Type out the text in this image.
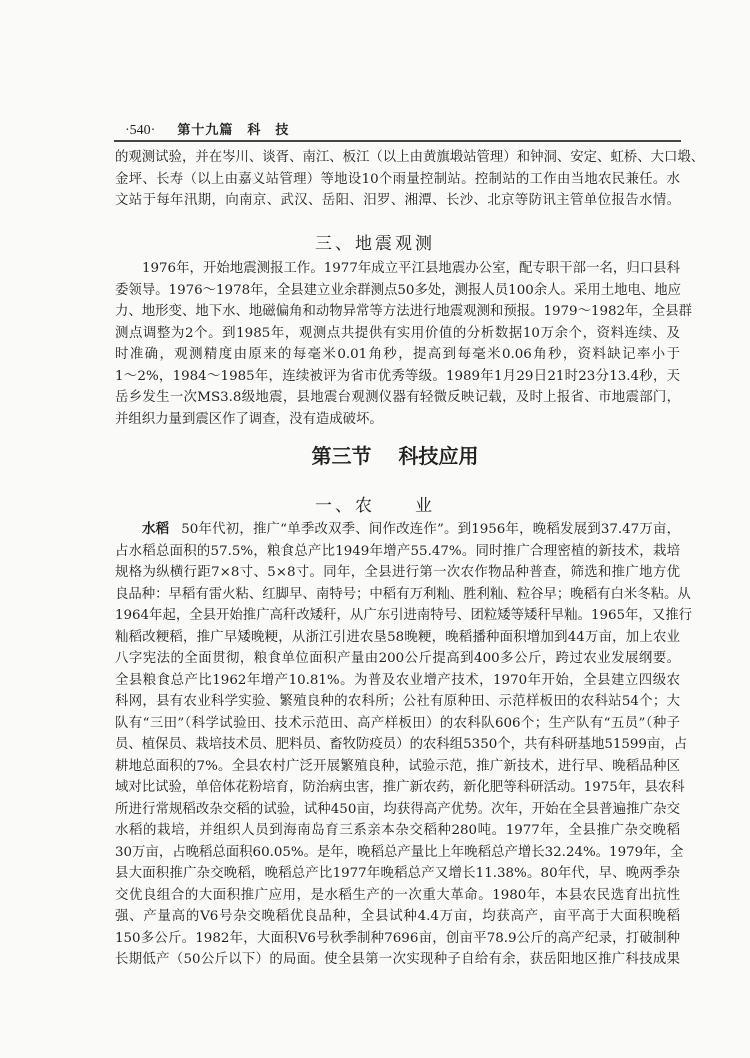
·540· 第十九篇　科　技
的观测试验，并在岑川、谈胥、南江、板江（以上由黄旗塅站管理）和钟洞、安定、虹桥、大口塅、
金坪、长寿（以上由嘉义站管理）等地设10个雨量控制站。控制站的工作由当地农民兼任。水
文站于每年汛期，向南京、武汉、岳阳、汨罗、湘潭、长沙、北京等防讯主管单位报告水情。
三、地震观测
1976年，开始地震测报工作。1977年成立平江县地震办公室，配专职干部一名，归口县科
委领导。1976～1978年，全县建立业余群测点50多处，测报人员100余人。采用土地电、地应
力、地形变、地下水、地磁偏角和动物异常等方法进行地震观测和预报。1979～1982年，全县群
测点调整为2个。到1985年，观测点共提供有实用价值的分析数据10万余个，资料连续、及
时准确，观测精度由原来的每毫米0.01角秒，提高到每毫米0.06角秒，资料缺记率小于
1～2%，1984～1985年，连续被评为省市优秀等级。1989年1月29日21时23分13.4秒，天
岳乡发生一次MS3.8级地震，县地震台观测仪器有轻微反映记载，及时上报省、市地震部门，
并组织力量到震区作了调查，没有造成破坏。
第三节　 科技应用
一、农　　业
水稻 50年代初，推广“单季改双季、间作改连作”。到1956年，晚稻发展到37.47万亩，
占水稻总面积的57.5%，粮食总产比1949年增产55.47%。同时推广合理密植的新技术，栽培
规格为纵横行距7×8寸、5×8寸。同年，全县进行第一次农作物品种普查，筛选和推广地方优
良品种：早稻有雷火粘、红脚早、南特号；中稻有万利籼、胜利籼、粒谷早；晚稻有白米冬粘。从
1964年起，全县开始推广高秆改矮秆，从广东引进南特号、团粒矮等矮秆早籼。1965年，又推行
籼稻改粳稻，推广早矮晚粳，从浙江引进农垦58晚粳，晚稻播种面积增加到44万亩，加上农业
八字宪法的全面贯彻，粮食单位面积产量由200公斤提高到400多公斤，跨过农业发展纲要。
全县粮食总产比1962年增产10.81%。为普及农业增产技术，1970年开始，全县建立四级农
科网，县有农业科学实验、繁殖良种的农科所；公社有原种田、示范样板田的农科站54个；大
队有“三田”（科学试验田、技术示范田、高产样板田）的农科队606个；生产队有“五员”（种子
员、植保员、栽培技术员、肥料员、畜牧防疫员）的农科组5350个，共有科研基地51599亩，占
耕地总面积的7%。全县农村广泛开展繁殖良种，试验示范，推广新技术，进行早、晚稻品种区
域对比试验，单倍体花粉培育，防治病虫害，推广新农药，新化肥等科研活动。1975年，县农科
所进行常规稻改杂交稻的试验，试种450亩，均获得高产优势。次年，开始在全县普遍推广杂交
水稻的栽培，并组织人员到海南岛育三系亲本杂交稻种280吨。1977年，全县推广杂交晚稻
30万亩，占晚稻总面积60.05%。是年，晚稻总产量比上年晚稻总产增长32.24%。1979年，全
县大面积推广杂交晚稻，晚稻总产比1977年晚稻总产又增长11.38%。80年代，早、晚两季杂
交优良组合的大面积推广应用，是水稻生产的一次重大革命。1980年，本县农民选育出抗性
强、产量高的V6号杂交晚稻优良品种，全县试种4.4万亩，均获高产，亩平高于大面积晚稻
150多公斤。1982年，大面积V6号秋季制种7696亩，创亩平78.9公斤的高产纪录，打破制种
长期低产（50公斤以下）的局面。使全县第一次实现种子自给有余，获岳阳地区推广科技成果
